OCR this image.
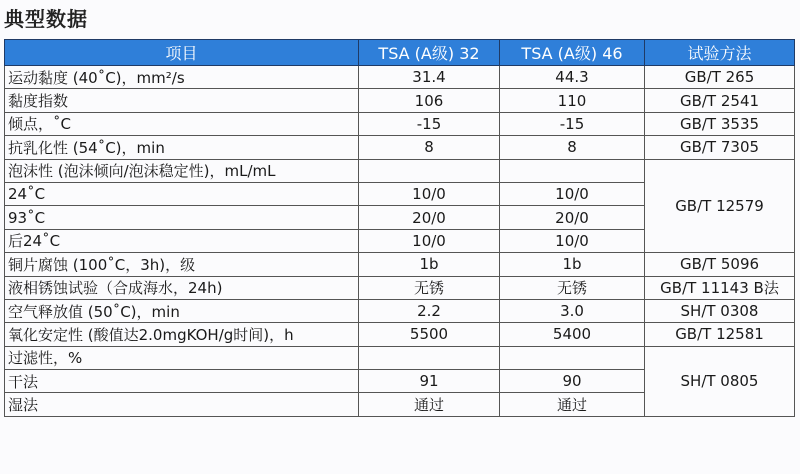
典型数据
项目	TSA (A级) 32	TSA (A级) 46	试验方法
运动黏度 (40˚C)，mm²/s	31.4	44.3	GB/T 265
黏度指数	106	110	GB/T 2541
倾点，˚C	-15	-15	GB/T 3535
抗乳化性 (54˚C)，min	8	8	GB/T 7305
泡沫性 (泡沫倾向/泡沫稳定性)，mL/mL			GB/T 12579
24˚C	10/0	10/0	
93˚C	20/0	20/0	
后24˚C	10/0	10/0	
铜片腐蚀 (100˚C，3h)，级	1b	1b	GB/T 5096
液相锈蚀试验（合成海水，24h)	无锈	无锈	GB/T 11143 B法
空气释放值 (50˚C)，min	2.2	3.0	SH/T 0308
氧化安定性 (酸值达2.0mgKOH/g时间)，h	5500	5400	GB/T 12581
过滤性，%			SH/T 0805
干法	91	90	
湿法	通过	通过	
